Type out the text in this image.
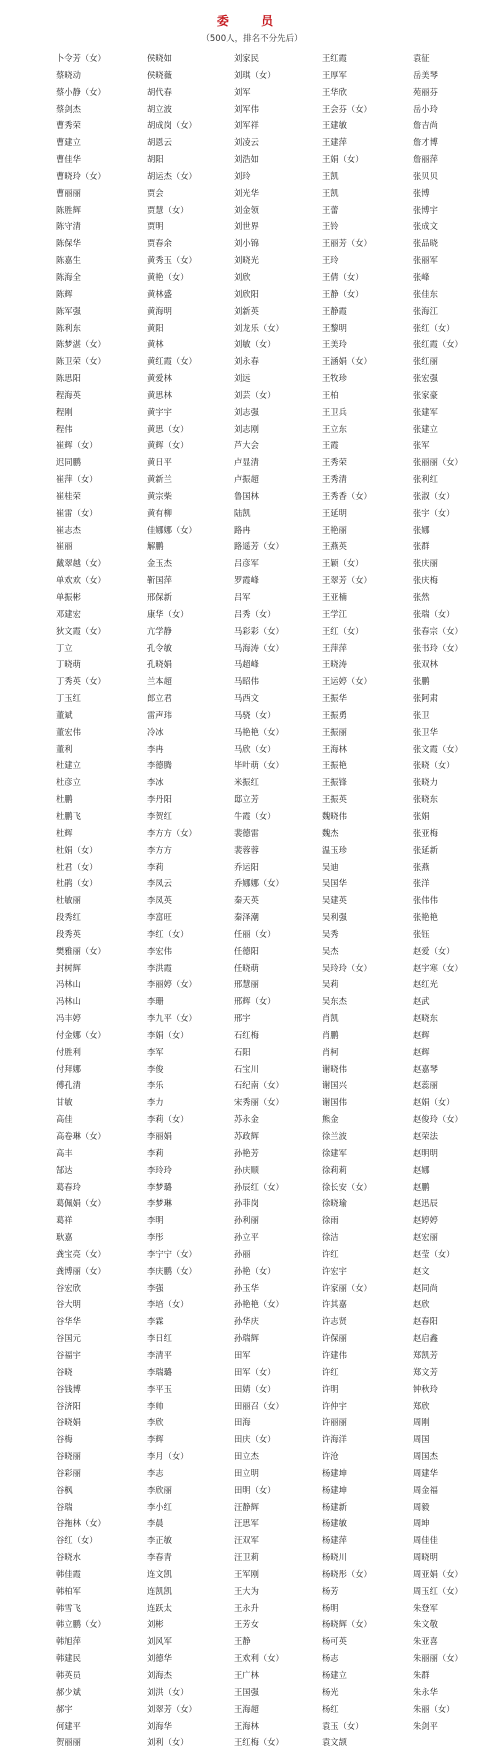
委 员
（500人，排名不分先后）
卜令芳（女）	侯晓如	刘家民	王红霞	袁征
蔡晓动	侯晓薇	刘琪（女）	王厚军	岳美琴
蔡小静（女）	胡代春	刘军	王华欣	苑丽芬
蔡剑杰	胡立波	刘军伟	王会芬（女）	岳小玲
曹秀荣	胡成岗（女）	刘军祥	王建敏	詹吉尚
曹建立	胡恩云	刘凌云	王建萍	詹才博
曹佳华	胡阳	刘浩如	王娟（女）	詹丽萍
曹晓玲（女）	胡运杰（女）	刘玲	王凯	张贝贝
曹丽丽	贾会	刘光华	王凯	张博
陈胜辉	贾慧（女）	刘金领	王蕾	张博宇
陈守清	贾明	刘世界	王铃	张成文
陈保华	贾春余	刘小锦	王丽芳（女）	张品晓
陈嘉生	黄秀玉（女）	刘晓光	王玲	张丽军
陈海全	黄艳（女）	刘欣	王倩（女）	张峰
陈辉	黄林盛	刘欣阳	王静（女）	张佳东
陈军强	黄海明	刘新英	王静霞	张海江
陈利东	黄阳	刘龙乐（女）	王黎明	张红（女）
陈梦湛（女）	黄林	刘敏（女）	王美玲	张红霞（女）
陈卫荣（女）	黄红霞（女）	刘永春	王涵娟（女）	张红丽
陈思阳	黄爱林	刘远	王牧珍	张宏强
程海英	黄思林	刘芸（女）	王柏	张家豪
程刚	黄宇宇	刘志强	王卫兵	张建军
程伟	黄思（女）	刘志刚	王立东	张建立
崔辉（女）	黄辉（女）	芦大会	王霞	张军
迟同鹏	黄日平	卢显清	王秀荣	张丽丽（女）
崔萍（女）	黄新兰	卢振超	王秀清	张利红
崔桂荣	黄宗柴	鲁国林	王秀香（女）	张淑（女）
崔雷（女）	黄有柳	陆凯	王延明	张宇（女）
崔志杰	佳娜娜（女）	路冉	王艳丽	张娜
崔丽	解鹏	路遥芳（女）	王燕英	张群
戴翠越（女）	金玉杰	吕彦军	王颖（女）	张庆丽
单欢欢（女）	靳国萍	罗霞峰	王翠芳（女）	张庆梅
单振彬	邢保新	吕军	王亚楠	张然
邓建宏	康华（女）	吕秀（女）	王学江	张瑞（女）
狄文霞（女）	亢学静	马彩彩（女）	王红（女）	张春宗（女）
丁立	孔令敏	马海涛（女）	王萍萍	张书玲（女）
丁晓萌	孔晓娟	马超峰	王晓涛	张双林
丁秀英（女）	兰本超	马昭伟	王运婷（女）	张鹏
丁玉红	郎立君	马西文	王振华	张阿肃
董斌	雷声玮	马骁（女）	王振勇	张卫
董宏伟	冷冰	马艳艳（女）	王振丽	张卫华
董利	李冉	马欣（女）	王海林	张文霞（女）
杜建立	李德腾	毕叶萌（女）	王振艳	张晓（女）
杜彦立	李冰	米振红	王振锋	张晓力
杜鹏	李丹阳	邸立芳	王振英	张晓东
杜鹏飞	李贺红	牛霞（女）	魏晓伟	张娟
杜辉	李方方（女）	裴德雷	魏杰	张亚梅
杜娟（女）	李方方	裴蓉蓉	温玉珍	张延新
杜君（女）	李莉	乔运阳	吴迪	张燕
杜鹃（女）	李凤云	乔娜娜（女）	吴国华	张洋
杜敏丽	李凤英	秦天英	吴建英	张伟伟
段秀红	李富旺	秦泽潮	吴利强	张艳艳
段秀英	李红（女）	任丽（女）	吴秀	张钰
樊雅丽（女）	李宏伟	任德阳	吴杰	赵爱（女）
封树辉	李洪霞	任晓萌	吴玲玲（女）	赵宇寒（女）
冯林山	李丽婷（女）	邢慧丽	吴莉	赵红光
冯林山	李珊	邢辉（女）	吴东杰	赵武
冯丰婷	李九平（女）	邢宇	肖凯	赵晓东
付金娜（女）	李娟（女）	石红梅	肖鹏	赵辉
付胜利	李军	石阳	肖柯	赵辉
付拜娜	李俊	石宝川	谢晓伟	赵嘉琴
傅孔清	李乐	石纪南（女）	谢国兴	赵蕊丽
甘敏	李力	宋秀丽（女）	谢国伟	赵娟（女）
高佳	李莉（女）	苏永金	熊金	赵俊玲（女）
高卷琳（女）	李丽娟	苏政辉	徐兰波	赵荣法
高丰	李莉	孙艳芳	徐建军	赵明明
郜达	李玲玲	孙庆顺	徐莉莉	赵娜
葛春玲	李梦璐	孙辰红（女）	徐长安（女）	赵鹏
葛佩娟（女）	李梦琳	孙菲岗	徐晓瑜	赵迅辰
葛祥	李明	孙利丽	徐雨	赵婷婷
耿嘉	李彤	孙立平	徐洁	赵宏丽
龚宝亮（女）	李宁宁（女）	孙丽	许红	赵莹（女）
龚博丽（女）	李庆鹏（女）	孙艳（女）	许宏宇	赵文
谷宏欣	李强	孙玉华	许家丽（女）	赵同尚
谷大明	李培（女）	孙艳艳（女）	许其嘉	赵欣
谷华华	李霖	孙华庆	许志贤	赵春阳
谷国元	李日红	孙瑞辉	许保丽	赵启鑫
谷福宇	李清平	田军	许建伟	郑凯芳
谷晓	李瑞璐	田军（女）	许红	郑文芳
谷钱博	李平玉	田婧（女）	许明	钟秋玲
谷济阳	李帅	田丽召（女）	许仲宇	郑欣
谷晓娟	李欣	田海	许丽丽	周刚
谷梅	李辉	田庆（女）	许海洋	周国
谷晓丽	李月（女）	田立杰	许沧	周国杰
谷彩丽	李志	田立明	杨建坤	周建华
谷枫	李欣丽	田明（女）	杨建坤	周金福
谷瑞	李小红	汪静辉	杨建新	周毅
谷拖林（女）	李晨	汪思军	杨建敏	周坤
谷红（女）	李正敏	汪双军	杨建萍	周佳佳
谷晓水	李春青	汪卫莉	杨晓川	周晓明
韩佳霞	连文凯	王军刚	杨晓彤（女）	周亚娟（女）
韩柏军	连凯凯	王大为	杨芳	周玉红（女）
韩雪飞	连跃太	王永升	杨明	朱登军
韩立鹏（女）	刘彬	王芳女	杨晓辉（女）	朱文敬
韩旭萍	刘风军	王静	杨可英	朱亚喜
韩建民	刘德华	王欢利（女）	杨志	朱丽丽（女）
韩英员	刘海杰	王广林	杨建立	朱群
郝少斌	刘洪（女）	王国强	杨光	朱永华
郝宇	刘翠芳（女）	王海超	杨红	朱丽（女）
何建平	刘海华	王海林	袁玉（女）	朱剑平
贺丽丽	刘利（女）	王红梅（女）	袁文颉
